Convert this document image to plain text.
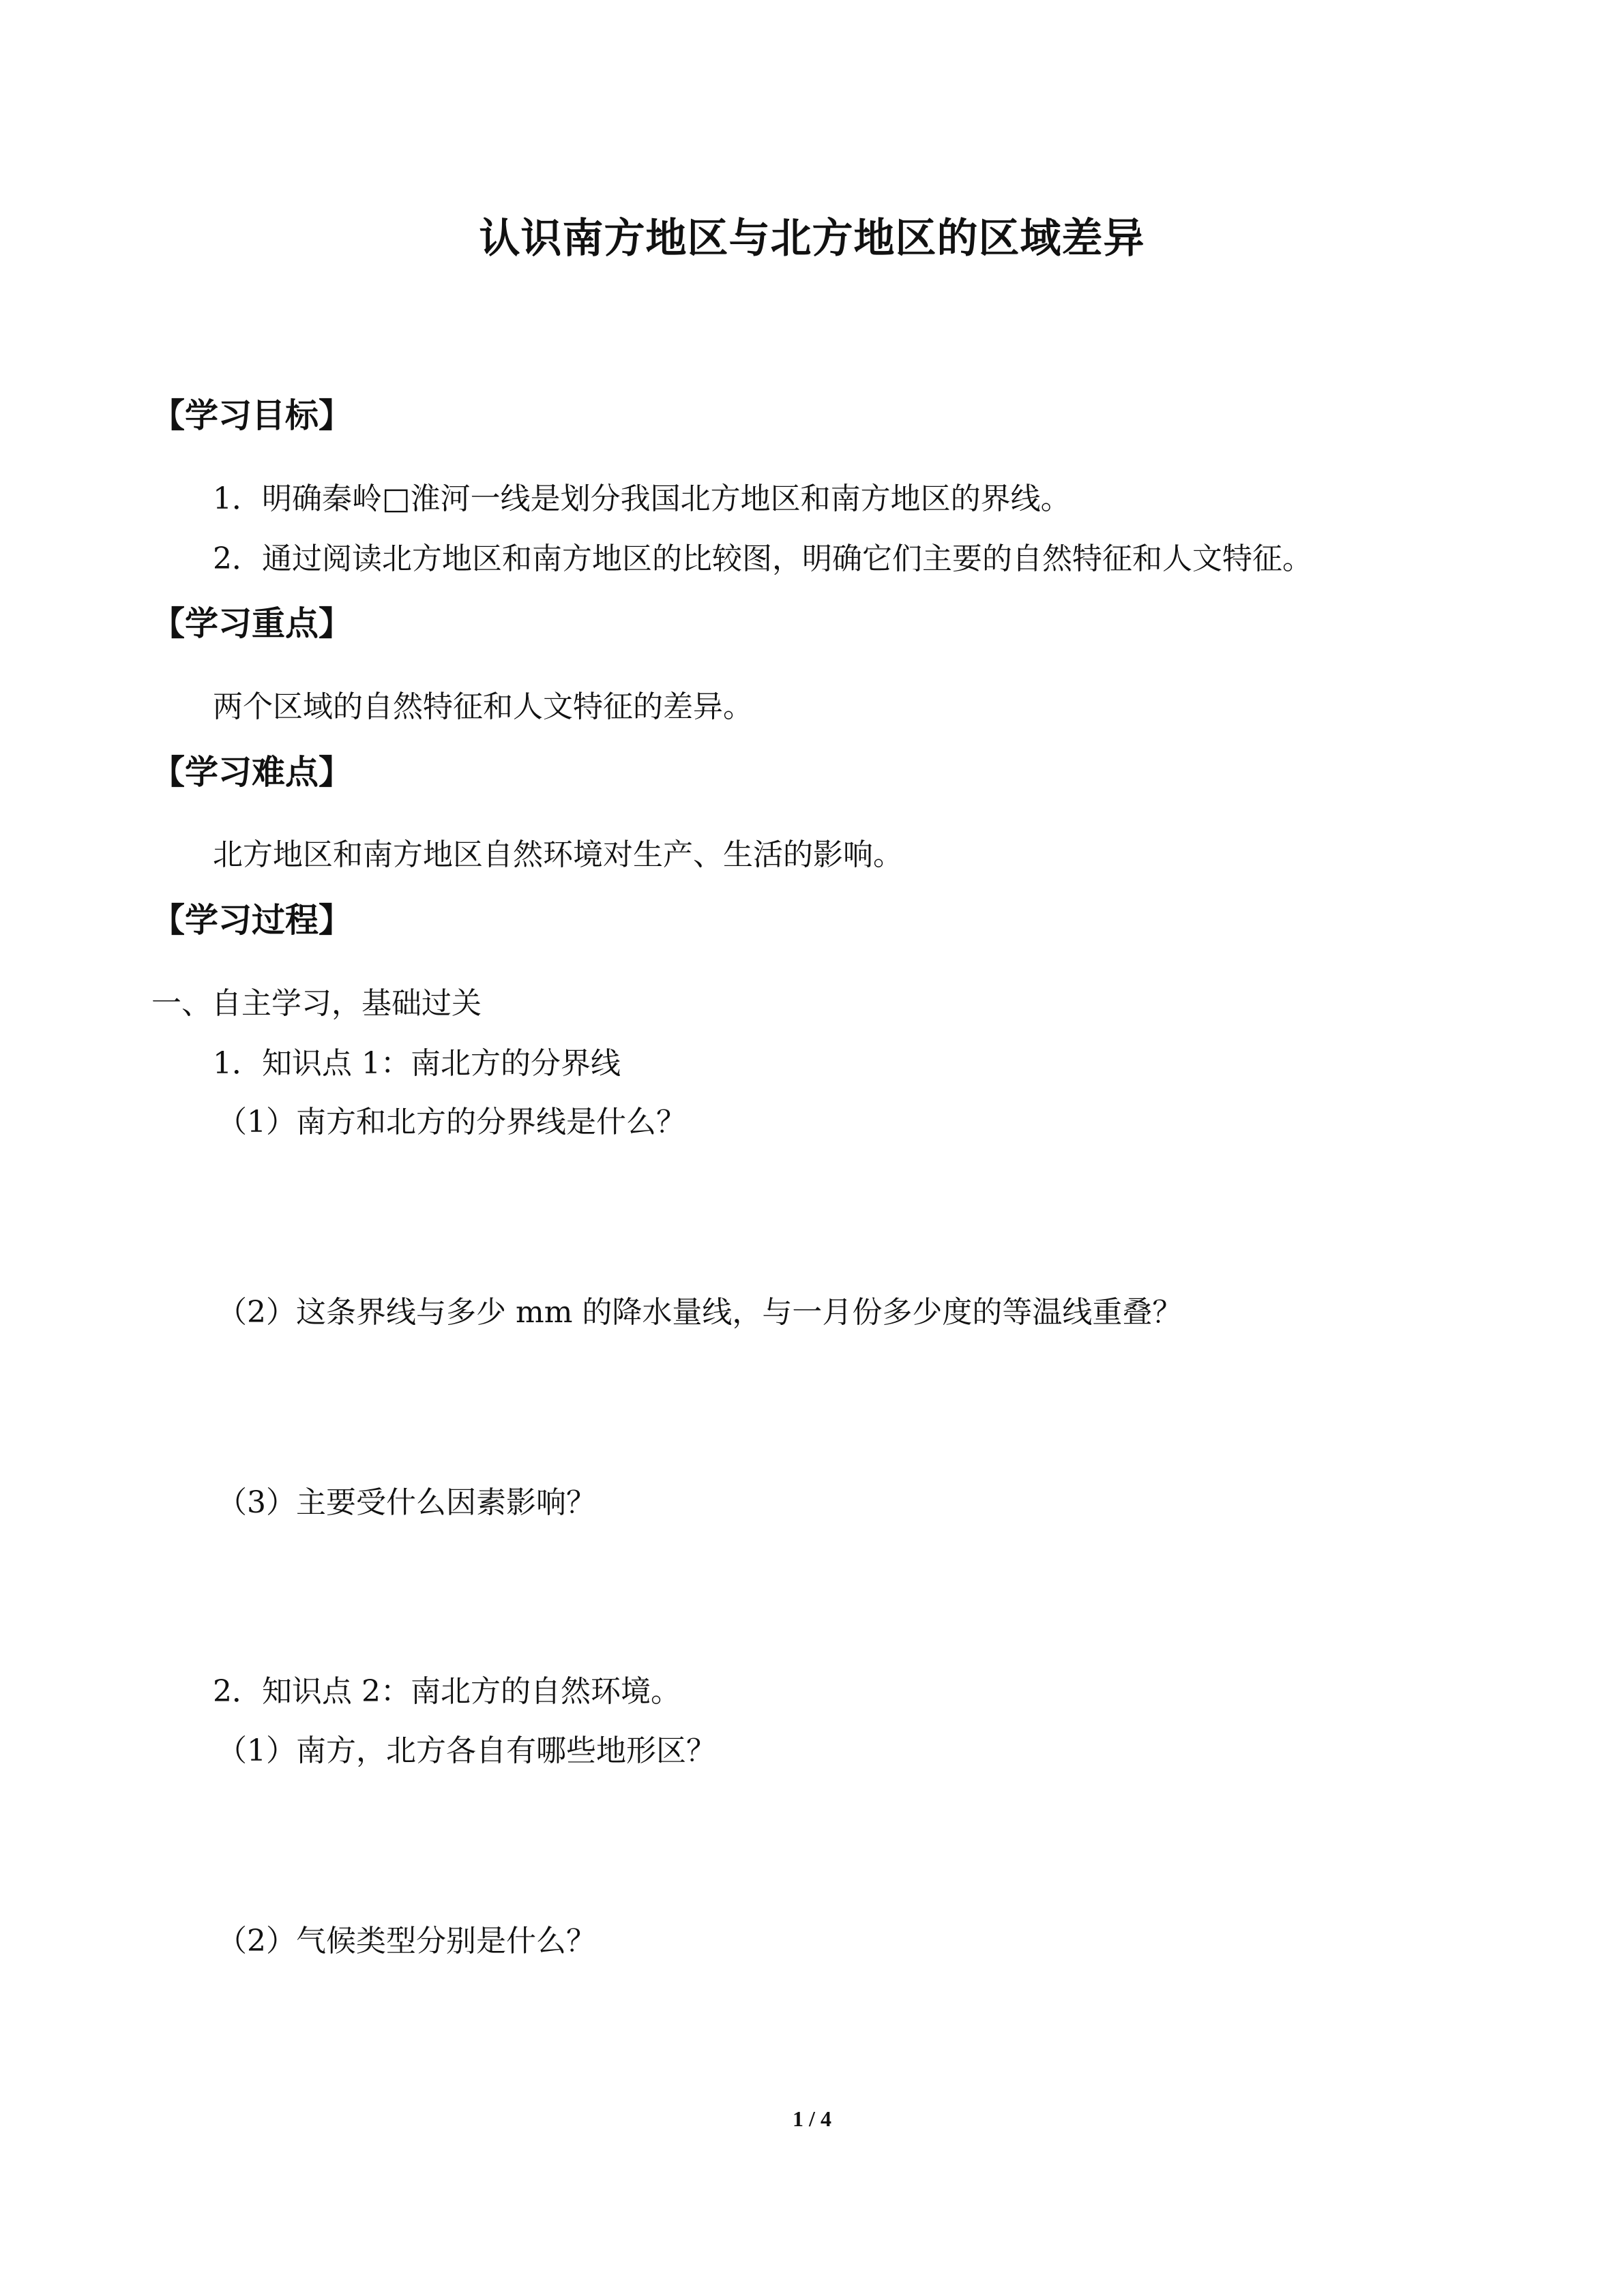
认识南方地区与北方地区的区域差异
【学习目标】
1．明确秦岭□淮河一线是划分我国北方地区和南方地区的界线。
2．通过阅读北方地区和南方地区的比较图，明确它们主要的自然特征和人文特征。
【学习重点】
两个区域的自然特征和人文特征的差异。
【学习难点】
北方地区和南方地区自然环境对生产、生活的影响。
【学习过程】
一、自主学习，基础过关
1．知识点 1：南北方的分界线
（1）南方和北方的分界线是什么？
（2）这条界线与多少 mm 的降水量线，与一月份多少度的等温线重叠？
（3）主要受什么因素影响？
2．知识点 2：南北方的自然环境。
（1）南方，北方各自有哪些地形区？
（2）气候类型分别是什么？
1 / 4
